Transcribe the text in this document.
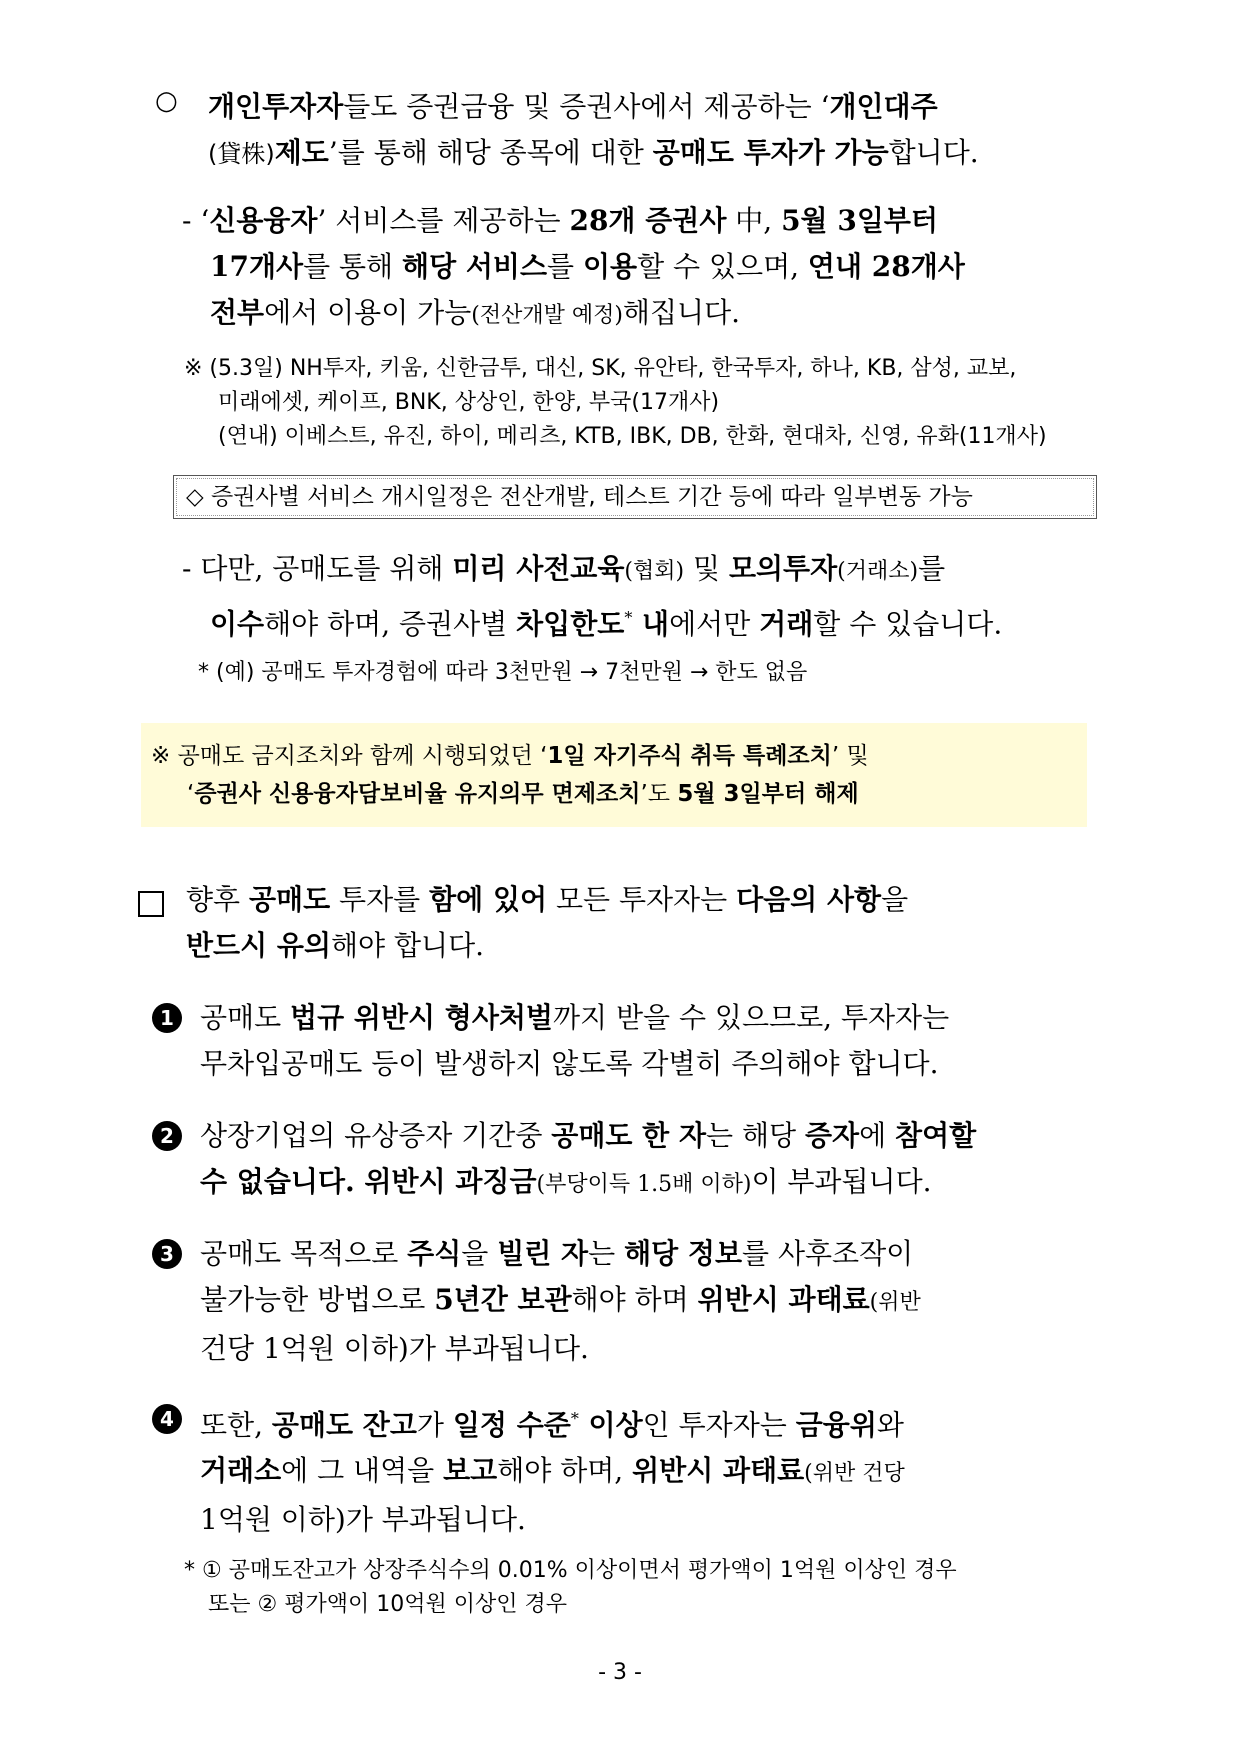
○ 개인투자자들도 증권금융 및 증권사에서 제공하는 ‘개인대주
(貸株)제도’를 통해 해당 종목에 대한 공매도 투자가 가능합니다.
- ‘신용융자’ 서비스를 제공하는 28개 증권사 中, 5월 3일부터
17개사를 통해 해당 서비스를 이용할 수 있으며, 연내 28개사
전부에서 이용이 가능(전산개발 예정)해집니다.
※ (5.3일) NH투자, 키움, 신한금투, 대신, SK, 유안타, 한국투자, 하나, KB, 삼성, 교보,
미래에셋, 케이프, BNK, 상상인, 한양, 부국(17개사)
(연내) 이베스트, 유진, 하이, 메리츠, KTB, IBK, DB, 한화, 현대차, 신영, 유화(11개사)
◇ 증권사별 서비스 개시일정은 전산개발, 테스트 기간 등에 따라 일부변동 가능
- 다만, 공매도를 위해 미리 사전교육(협회) 및 모의투자(거래소)를
이수해야 하며, 증권사별 차입한도* 내에서만 거래할 수 있습니다.
* (예) 공매도 투자경험에 따라 3천만원 → 7천만원 → 한도 없음
※ 공매도 금지조치와 함께 시행되었던 ‘1일 자기주식 취득 특례조치’ 및
‘증권사 신용융자담보비율 유지의무 면제조치’도 5월 3일부터 해제
향후 공매도 투자를 함에 있어 모든 투자자는 다음의 사항을
반드시 유의해야 합니다.
1 공매도 법규 위반시 형사처벌까지 받을 수 있으므로, 투자자는
무차입공매도 등이 발생하지 않도록 각별히 주의해야 합니다.
2 상장기업의 유상증자 기간중 공매도 한 자는 해당 증자에 참여할
수 없습니다. 위반시 과징금(부당이득 1.5배 이하)이 부과됩니다.
3 공매도 목적으로 주식을 빌린 자는 해당 정보를 사후조작이
불가능한 방법으로 5년간 보관해야 하며 위반시 과태료(위반
건당 1억원 이하)가 부과됩니다.
4 또한, 공매도 잔고가 일정 수준* 이상인 투자자는 금융위와
거래소에 그 내역을 보고해야 하며, 위반시 과태료(위반 건당
1억원 이하)가 부과됩니다.
* ① 공매도잔고가 상장주식수의 0.01% 이상이면서 평가액이 1억원 이상인 경우
또는 ② 평가액이 10억원 이상인 경우
- 3 -
